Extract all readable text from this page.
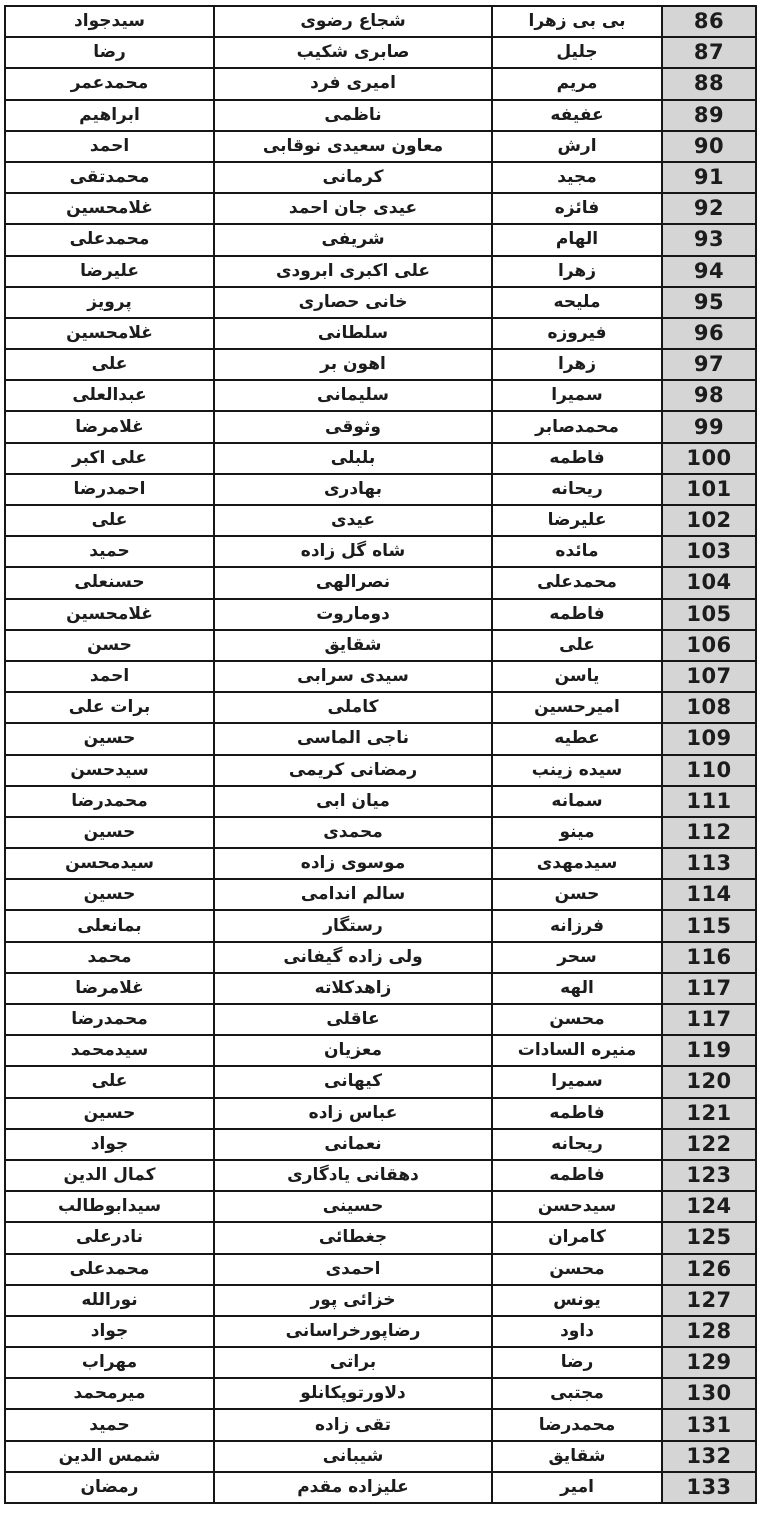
86
بی بی زهرا
شجاع رضوی
سیدجواد
87
جلیل
صابری شکیب
رضا
88
مریم
امیری فرد
محمدعمر
89
عفیفه
ناظمی
ابراهیم
90
ارش
معاون سعیدی نوقابی
احمد
91
مجید
کرمانی
محمدتقی
92
فائزه
عیدی جان احمد
غلامحسین
93
الهام
شریفی
محمدعلی
94
زهرا
علی اکبری ابرودی
علیرضا
95
ملیحه
خانی حصاری
پرویز
96
فیروزه
سلطانی
غلامحسین
97
زهرا
اهون بر
علی
98
سمیرا
سلیمانی
عبدالعلی
99
محمدصابر
وثوقی
غلامرضا
100
فاطمه
بلبلی
علی اکبر
101
ریحانه
بهادری
احمدرضا
102
علیرضا
عیدی
علی
103
مائده
شاه گل زاده
حمید
104
محمدعلی
نصرالهی
حسنعلی
105
فاطمه
دوماروت
غلامحسین
106
علی
شقایق
حسن
107
یاسن
سیدی سرابی
احمد
108
امیرحسین
کاملی
برات علی
109
عطیه
ناجی الماسی
حسین
110
سیده زینب
رمضانی کریمی
سیدحسن
111
سمانه
میان ابی
محمدرضا
112
مینو
محمدی
حسین
113
سیدمهدی
موسوی زاده
سیدمحسن
114
حسن
سالم اندامی
حسین
115
فرزانه
رستگار
بمانعلی
116
سحر
ولی زاده گیفانی
محمد
117
الهه
زاهدکلاته
غلامرضا
117
محسن
عاقلی
محمدرضا
119
منیره السادات
معزیان
سیدمحمد
120
سمیرا
کیهانی
علی
121
فاطمه
عباس زاده
حسین
122
ریحانه
نعمانی
جواد
123
فاطمه
دهقانی یادگاری
کمال الدین
124
سیدحسن
حسینی
سیدابوطالب
125
کامران
جغطائی
نادرعلی
126
محسن
احمدی
محمدعلی
127
یونس
خزائی پور
نورالله
128
داود
رضاپورخراسانی
جواد
129
رضا
براتی
مهراب
130
مجتبی
دلاورتوپکانلو
میرمحمد
131
محمدرضا
تقی زاده
حمید
132
شقایق
شیبانی
شمس الدین
133
امیر
علیزاده مقدم
رمضان
